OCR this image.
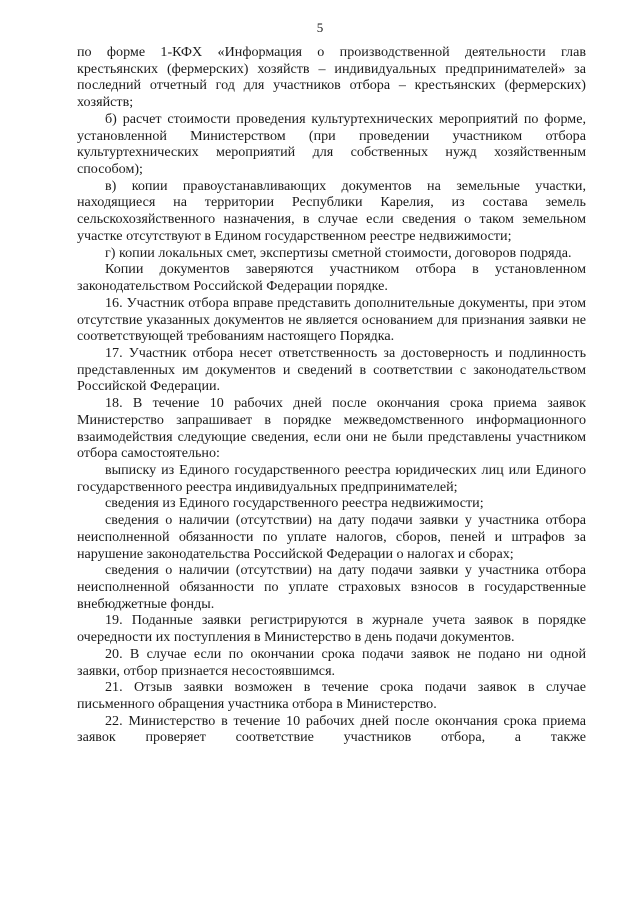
5

по форме 1-КФХ «Информация о производственной деятельности глав крестьянских (фермерских) хозяйств – индивидуальных предпринимателей» за последний отчетный год для участников отбора – крестьянских (фермерских) хозяйств;

б) расчет стоимости проведения культуртехнических мероприятий по форме, установленной Министерством (при проведении участником отбора культуртехнических мероприятий для собственных нужд хозяйственным способом);

в) копии правоустанавливающих документов на земельные участки, находящиеся на территории Республики Карелия, из состава земель сельскохозяйственного назначения, в случае если сведения о таком земельном участке отсутствуют в Едином государственном реестре недвижимости;

г) копии локальных смет, экспертизы сметной стоимости, договоров подряда.

Копии документов заверяются участником отбора в установленном законодательством Российской Федерации порядке.

16. Участник отбора вправе представить дополнительные документы, при этом отсутствие указанных документов не является основанием для признания заявки не соответствующей требованиям настоящего Порядка.

17. Участник отбора несет ответственность за достоверность и подлинность представленных им документов и сведений в соответствии с законодательством Российской Федерации.

18. В течение 10 рабочих дней после окончания срока приема заявок Министерство запрашивает в порядке межведомственного информационного взаимодействия следующие сведения, если они не были представлены участником отбора самостоятельно:

выписку из Единого государственного реестра юридических лиц или Единого государственного реестра индивидуальных предпринимателей;

сведения из Единого государственного реестра недвижимости;

сведения о наличии (отсутствии) на дату подачи заявки у участника отбора неисполненной обязанности по уплате налогов, сборов, пеней и штрафов за нарушение законодательства Российской Федерации о налогах и сборах;

сведения о наличии (отсутствии) на дату подачи заявки у участника отбора неисполненной обязанности по уплате страховых взносов в государственные внебюджетные фонды.

19. Поданные заявки регистрируются в журнале учета заявок в порядке очередности их поступления в Министерство в день подачи документов.

20. В случае если по окончании срока подачи заявок не подано ни одной заявки, отбор признается несостоявшимся.

21. Отзыв заявки возможен в течение срока подачи заявок в случае письменного обращения участника отбора в Министерство.

22. Министерство в течение 10 рабочих дней после окончания срока приема заявок проверяет соответствие участников отбора, а также
